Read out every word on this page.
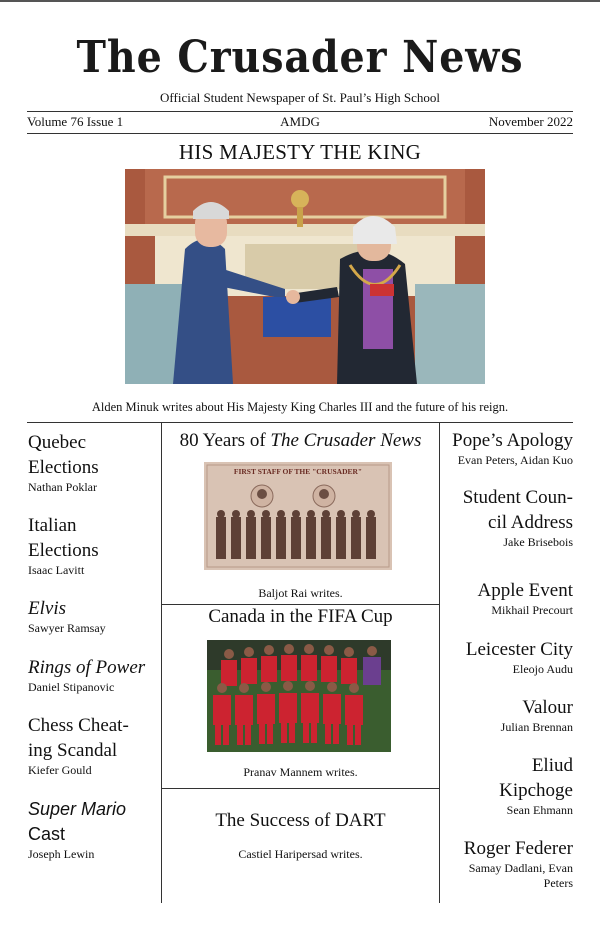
The Crusader News
Official Student Newspaper of St. Paul’s High School
Volume 76 Issue 1	AMDG	November 2022
HIS MAJESTY THE KING
Alden Minuk writes about His Majesty King Charles III and the future of his reign.
Quebec
Elections
Nathan Poklar
Italian
Elections
Isaac Lavitt
Elvis
Sawyer Ramsay
Rings of Power
Daniel Stipanovic
Chess Cheat-
ing Scandal
Kiefer Gould
Super Mario
Cast
Joseph Lewin
80 Years of The Crusader News
FIRST STAFF OF THE "CRUSADER"
Baljot Rai writes.
Canada in the FIFA Cup
Pranav Mannem writes.
The Success of DART
Castiel Haripersad writes.
Pope’s Apology
Evan Peters, Aidan Kuo
Student Coun-
cil Address
Jake Brisebois
Apple Event
Mikhail Precourt
Leicester City
Eleojo Audu
Valour
Julian Brennan
Eliud
Kipchoge
Sean Ehmann
Roger Federer
Samay Dadlani, Evan
Peters
